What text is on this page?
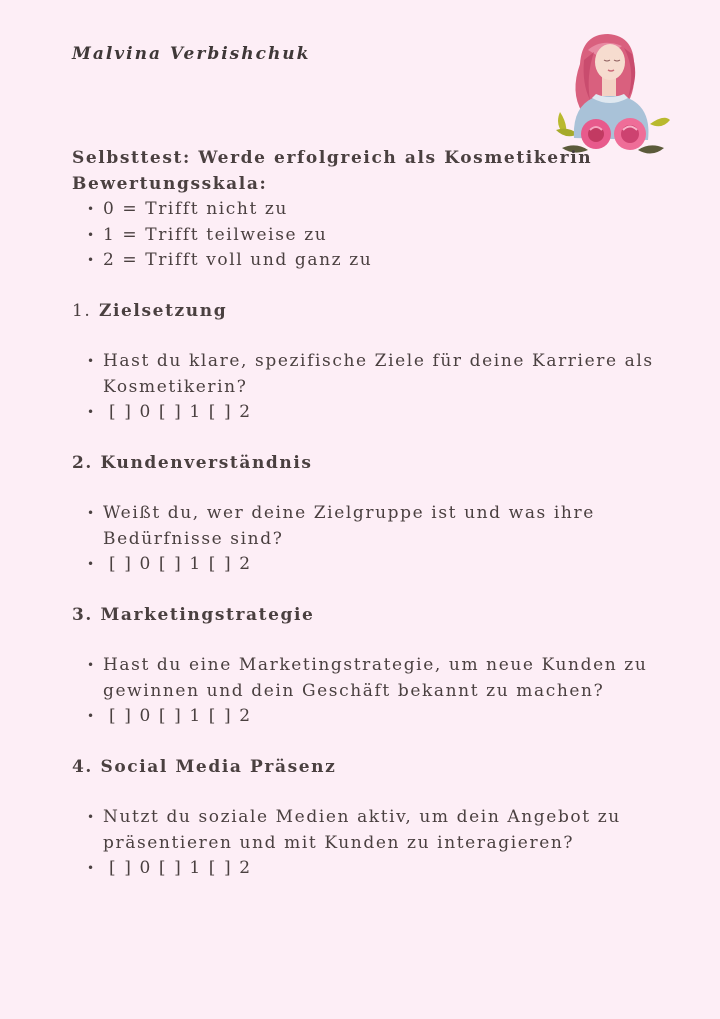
Malvina Verbishchuk

Selbsttest: Werde erfolgreich als Kosmetikerin

Bewertungsskala:

• 0 = Trifft nicht zu
• 1 = Trifft teilweise zu
• 2 = Trifft voll und ganz zu

1. Zielsetzung

• Hast du klare, spezifische Ziele für deine Karriere als Kosmetikerin?
• [ ] 0 [ ] 1 [ ] 2

2. Kundenverständnis

• Weißt du, wer deine Zielgruppe ist und was ihre Bedürfnisse sind?
• [ ] 0 [ ] 1 [ ] 2

3. Marketingstrategie

• Hast du eine Marketingstrategie, um neue Kunden zu gewinnen und dein Geschäft bekannt zu machen?
• [ ] 0 [ ] 1 [ ] 2

4. Social Media Präsenz

• Nutzt du soziale Medien aktiv, um dein Angebot zu präsentieren und mit Kunden zu interagieren?
• [ ] 0 [ ] 1 [ ] 2
